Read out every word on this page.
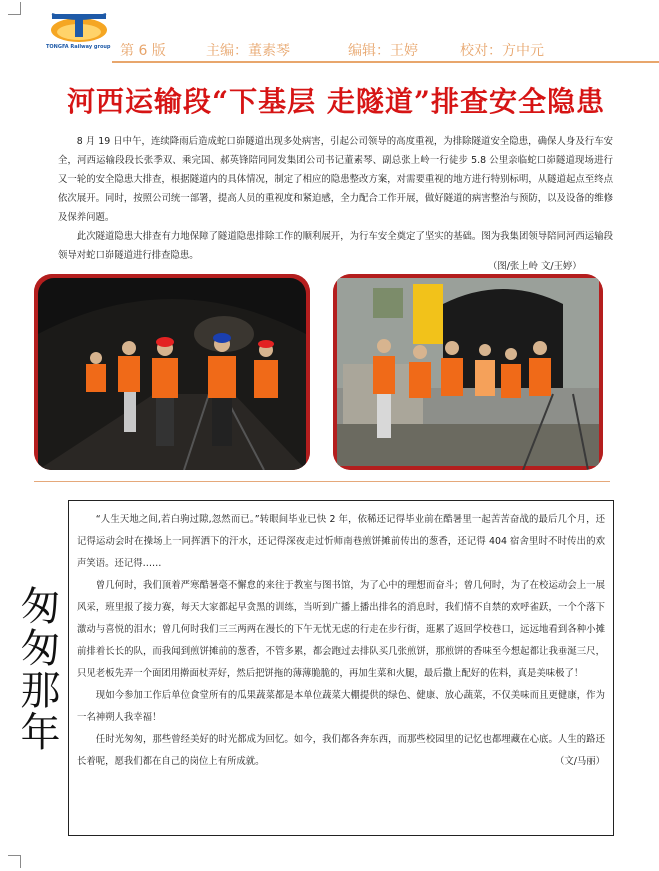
TONGFA Railway group 第 6 版	主编：董素琴	编辑：王婷	校对：方中元
河西运输段“下基层 走隧道”排查安全隐患

8 月 19 日中午，连续降雨后造成蛇口峁隧道出现多处病害，引起公司领导的高度重视，为排除隧道安全隐患，确保人身及行车安全，河西运输段段长张季双、乘完国、郝英锋陪同同发集团公司书记董素琴、副总张上岭一行徒步 5.8 公里亲临蛇口峁隧道现场进行又一轮的安全隐患大排查，根据隧道内的具体情况，制定了相应的隐患整改方案，对需要重视的地方进行特别标明，从隧道起点至终点依次展开。同时，按照公司统一部署，提高人员的重视度和紧迫感，全力配合工作开展，做好隧道的病害整治与预防，以及设备的维修及保养问题。

此次隧道隐患大排查有力地保障了隧道隐患排除工作的顺利展开，为行车安全奠定了坚实的基础。图为我集团领导陪同河西运输段领导对蛇口峁隧道进行排查隐患。

（图/张上岭 文/王婷）
匆匆那年

“人生天地之间,若白驹过隙,忽然而已。”转眼间毕业已快 2 年，依稀还记得毕业前在酷暑里一起苦苦奋战的最后几个月，还记得运动会时在操场上一同挥洒下的汗水，还记得深夜走过忻师南巷煎饼摊前传出的葱香，还记得 404 宿舍里时不时传出的欢声笑语。还记得……

曾几何时，我们顶着严寒酷暑毫不懈怠的来往于教室与图书馆，为了心中的理想而奋斗；曾几何时，为了在校运动会上一展风采，班里报了接力赛，每天大家都起早贪黑的训练，当听到广播上播出排名的消息时，我们情不自禁的欢呼雀跃，一个个落下激动与喜悦的泪水；曾几何时我们三三两两在漫长的下午无忧无虑的行走在步行街，逛累了返回学校巷口，远远地看到各种小摊前排着长长的队，而我闻到煎饼摊前的葱香，不管多累，都会跑过去排队买几张煎饼，那煎饼的香味至今想起都让我垂涎三尺，只见老板先弄一个面团用擀面杖弄好，然后把饼拖的薄薄脆脆的，再加生菜和火腿，最后撒上配好的佐料，真是美味极了！

现如今参加工作后单位食堂所有的瓜果蔬菜都是本单位蔬菜大棚提供的绿色、健康、放心蔬菜，不仅美味而且更健康，作为一名神朔人我幸福！

任时光匆匆，那些曾经美好的时光都成为回忆。如今，我们都各奔东西，而那些校园里的记忆也都埋藏在心底。人生的路还长着呢，愿我们都在自己的岗位上有所成就。	（文/马丽）
